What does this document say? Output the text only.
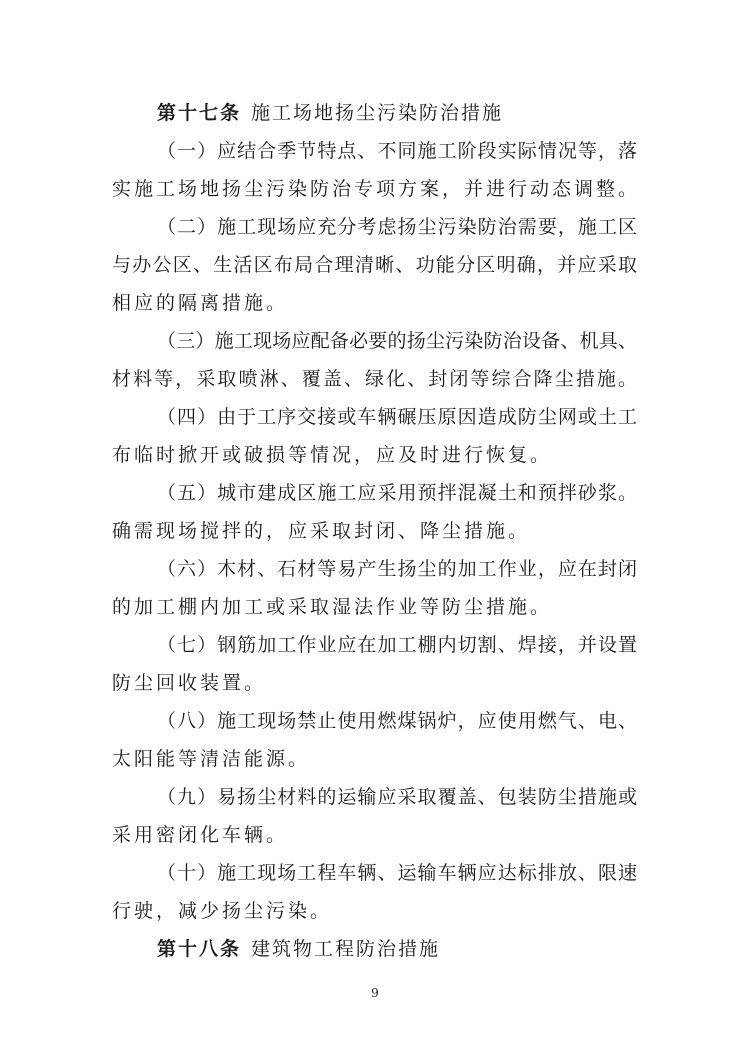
第十七条 施工场地扬尘污染防治措施
（一）应结合季节特点、不同施工阶段实际情况等，落
实施工场地扬尘污染防治专项方案，并进行动态调整。
（二）施工现场应充分考虑扬尘污染防治需要，施工区
与办公区、生活区布局合理清晰、功能分区明确，并应采取
相应的隔离措施。
（三）施工现场应配备必要的扬尘污染防治设备、机具、
材料等，采取喷淋、覆盖、绿化、封闭等综合降尘措施。
（四）由于工序交接或车辆碾压原因造成防尘网或土工
布临时掀开或破损等情况，应及时进行恢复。
（五）城市建成区施工应采用预拌混凝土和预拌砂浆。
确需现场搅拌的，应采取封闭、降尘措施。
（六）木材、石材等易产生扬尘的加工作业，应在封闭
的加工棚内加工或采取湿法作业等防尘措施。
（七）钢筋加工作业应在加工棚内切割、焊接，并设置
防尘回收装置。
（八）施工现场禁止使用燃煤锅炉，应使用燃气、电、
太阳能等清洁能源。
（九）易扬尘材料的运输应采取覆盖、包装防尘措施或
采用密闭化车辆。
（十）施工现场工程车辆、运输车辆应达标排放、限速
行驶，减少扬尘污染。
第十八条 建筑物工程防治措施
9
